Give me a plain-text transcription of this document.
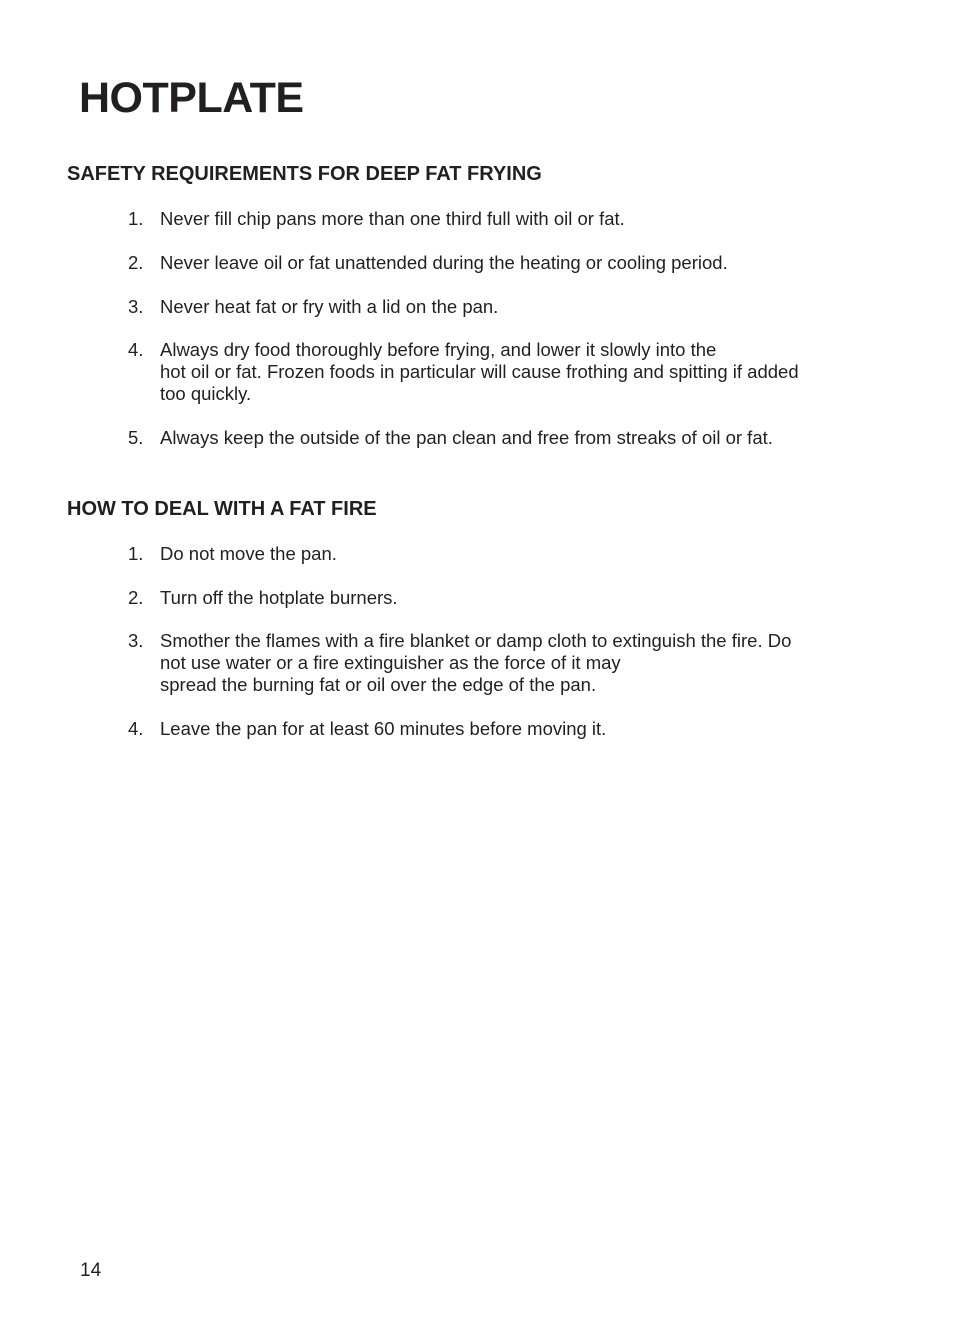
HOTPLATE
SAFETY REQUIREMENTS FOR DEEP FAT FRYING
1. Never fill chip pans more than one third full with oil or fat.
2. Never leave oil or fat unattended during the heating or cooling period.
3. Never heat fat or fry with a lid on the pan.
4. Always dry food thoroughly before frying, and lower it slowly into the
hot oil or fat. Frozen foods in particular will cause frothing and spitting if added
too quickly.
5. Always keep the outside of the pan clean and free from streaks of oil or fat.
HOW TO DEAL WITH A FAT FIRE
1. Do not move the pan.
2. Turn off the hotplate burners.
3. Smother the flames with a fire blanket or damp cloth to extinguish the fire. Do
not use water or a fire extinguisher as the force of it may
spread the burning fat or oil over the edge of the pan.
4. Leave the pan for at least 60 minutes before moving it.
14
